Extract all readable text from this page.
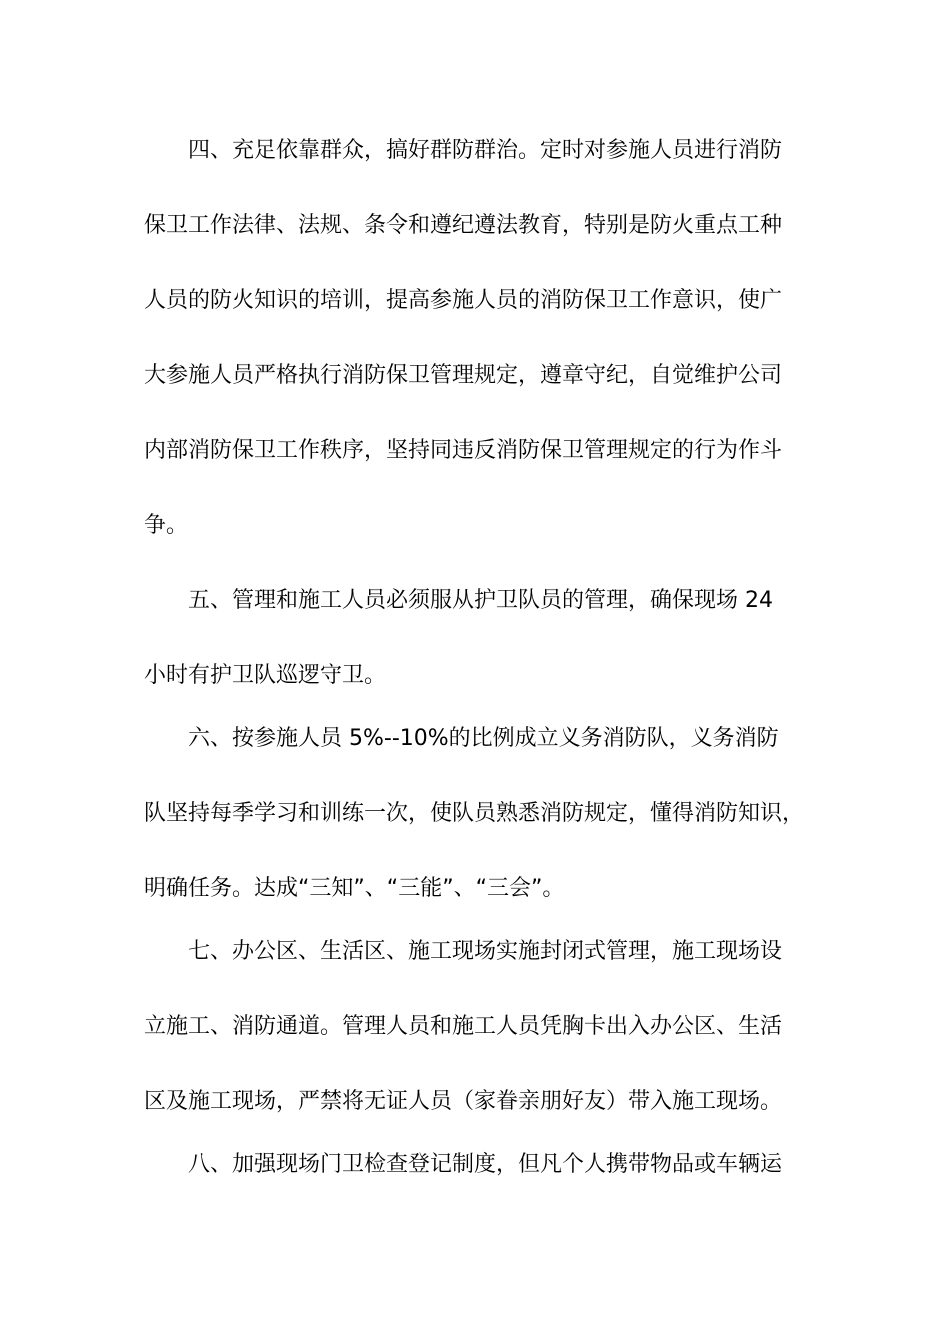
四、充足依靠群众，搞好群防群治。定时对参施人员进行消防
保卫工作法律、法规、条令和遵纪遵法教育，特别是防火重点工种
人员的防火知识的培训，提高参施人员的消防保卫工作意识，使广
大参施人员严格执行消防保卫管理规定，遵章守纪，自觉维护公司
内部消防保卫工作秩序，坚持同违反消防保卫管理规定的行为作斗
争。
五、管理和施工人员必须服从护卫队员的管理，确保现场 24
小时有护卫队巡逻守卫。
六、按参施人员 5%--10%的比例成立义务消防队，义务消防
队坚持每季学习和训练一次，使队员熟悉消防规定，懂得消防知识，
明确任务。达成“三知”、“三能”、“三会”。
七、办公区、生活区、施工现场实施封闭式管理，施工现场设
立施工、消防通道。管理人员和施工人员凭胸卡出入办公区、生活
区及施工现场，严禁将无证人员（家眷亲朋好友）带入施工现场。
八、加强现场门卫检查登记制度，但凡个人携带物品或车辆运
